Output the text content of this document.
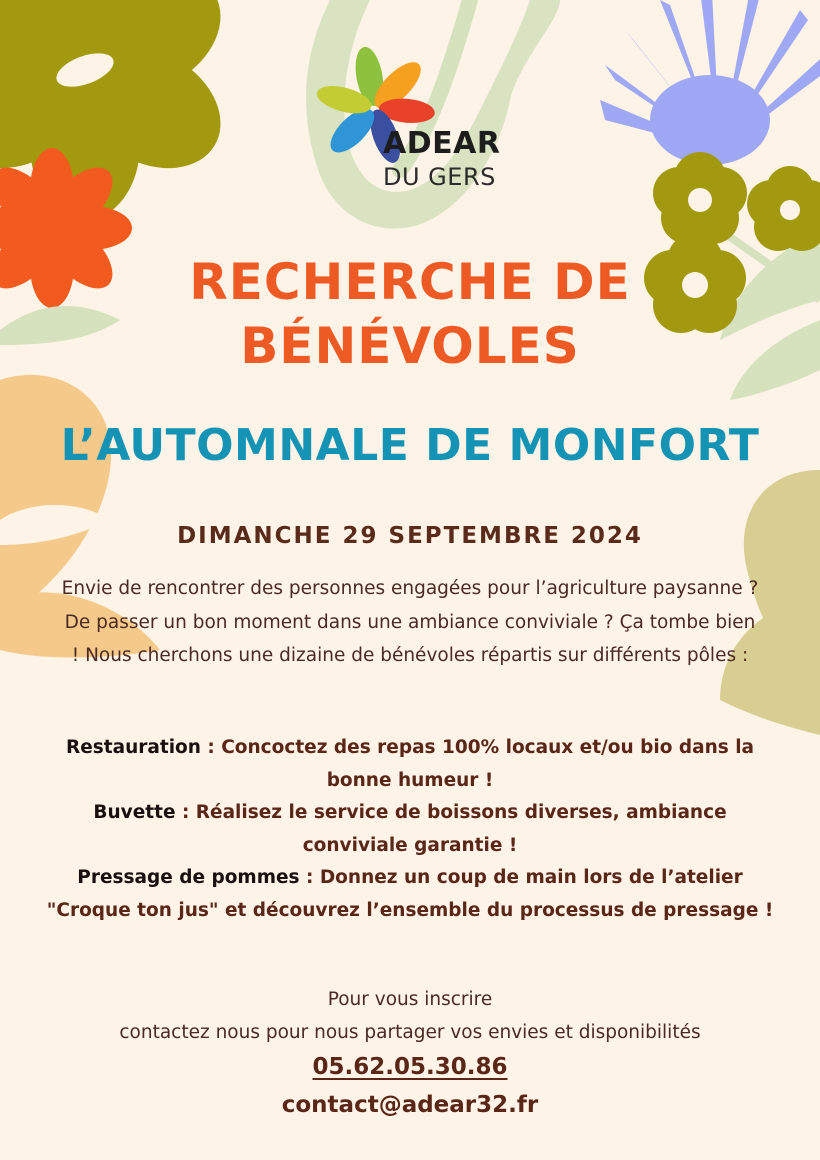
ADEAR
DU GERS
RECHERCHE DE
BÉNÉVOLES
L’AUTOMNALE DE MONFORT
DIMANCHE 29 SEPTEMBRE 2024
Envie de rencontrer des personnes engagées pour l’agriculture paysanne ? De passer un bon moment dans une ambiance conviviale ? Ça tombe bien ! Nous cherchons une dizaine de bénévoles répartis sur différents pôles :
Restauration : Concoctez des repas 100% locaux et/ou bio dans la bonne humeur !
Buvette : Réalisez le service de boissons diverses, ambiance conviviale garantie !
Pressage de pommes : Donnez un coup de main lors de l’atelier "Croque ton jus" et découvrez l’ensemble du processus de pressage !
Pour vous inscrire
contactez nous pour nous partager vos envies et disponibilités
05.62.05.30.86
contact@adear32.fr
